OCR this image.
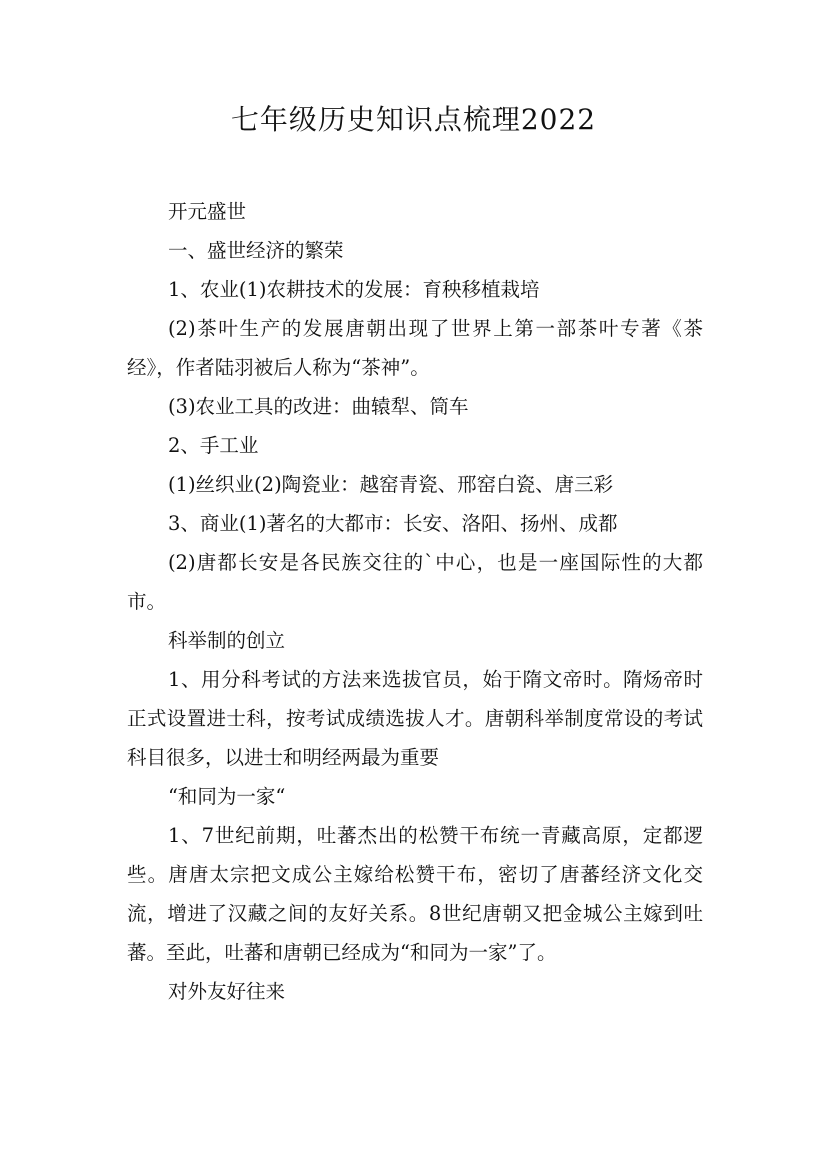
七年级历史知识点梳理2022

开元盛世

一、盛世经济的繁荣

1、农业(1)农耕技术的发展：育秧移植栽培

(2)茶叶生产的发展唐朝出现了世界上第一部茶叶专著《茶经》，作者陆羽被后人称为“茶神”。

(3)农业工具的改进：曲辕犁、筒车

2、手工业

(1)丝织业(2)陶瓷业：越窑青瓷、邢窑白瓷、唐三彩

3、商业(1)著名的大都市：长安、洛阳、扬州、成都

(2)唐都长安是各民族交往的`中心，也是一座国际性的大都市。

科举制的创立

1、用分科考试的方法来选拔官员，始于隋文帝时。隋炀帝时正式设置进士科，按考试成绩选拔人才。唐朝科举制度常设的考试科目很多，以进士和明经两最为重要

“和同为一家“

1、7世纪前期，吐蕃杰出的松赞干布统一青藏高原，定都逻些。唐唐太宗把文成公主嫁给松赞干布，密切了唐蕃经济文化交流，增进了汉藏之间的友好关系。8世纪唐朝又把金城公主嫁到吐蕃。至此，吐蕃和唐朝已经成为“和同为一家”了。

对外友好往来
